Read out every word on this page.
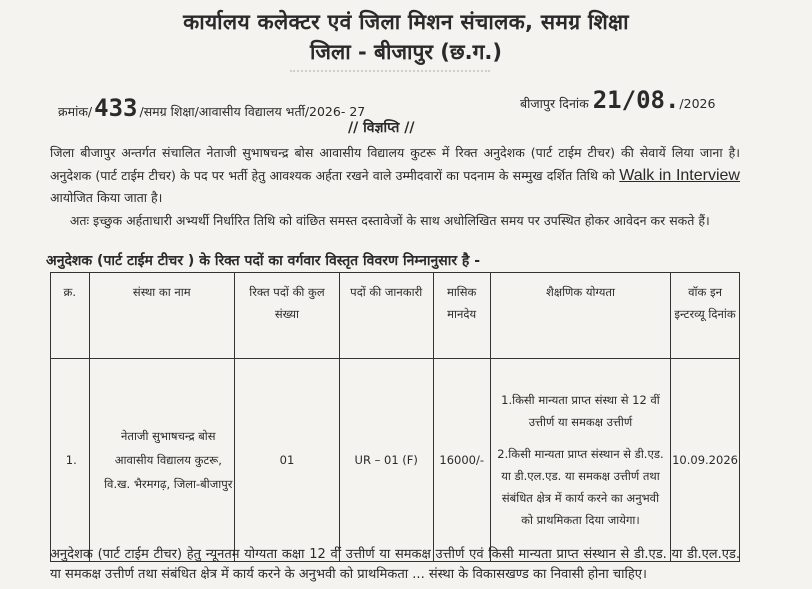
कार्यालय कलेक्टर एवं जिला मिशन संचालक, समग्र शिक्षा
जिला - बीजापुर (छ.ग.)
क्रमांक/433 /समग्र शिक्षा/आवासीय विद्यालय भर्ती/2026- 27
बीजापुर दिनांक 21/08./2026
// विज्ञप्ति //
जिला बीजापुर अन्तर्गत संचालित नेताजी सुभाषचन्द्र बोस आवासीय विद्यालय कुटरू में रिक्त अनुदेशक (पार्ट टाईम टीचर) की सेवायें लिया जाना है। अनुदेशक (पार्ट टाईम टीचर) के पद पर भर्ती हेतु आवश्यक अर्हता रखने वाले उम्मीदवारों का पदनाम के सम्मुख दर्शित तिथि को Walk in Interview आयोजित किया जाता है।
अतः इच्छुक अर्हताधारी अभ्यर्थी निर्धारित तिथि को वांछित समस्त दस्तावेजों के साथ अधोलिखित समय पर उपस्थित होकर आवेदन कर सकते हैं।
अनुदेशक (पार्ट टाईम टीचर ) के रिक्त पदों का वर्गवार विस्तृत विवरण निम्नानुसार है -
क्र.	संस्था का नाम	रिक्त पदों की कुल संख्या	पदों की जानकारी	मासिक मानदेय	शैक्षणिक योग्यता	वॉक इन इन्टरव्यू दिनांक
1.	नेताजी सुभाषचन्द्र बोस आवासीय विद्यालय कुटरू, वि.ख. भैरमगढ़, जिला-बीजापुर	01	UR – 01 (F)	16000/-	1.किसी मान्यता प्राप्त संस्था से 12 वीं उत्तीर्ण या समकक्ष उत्तीर्ण
2.किसी मान्यता प्राप्त संस्थान से डी.एड. या डी.एल.एड. या समकक्ष उत्तीर्ण तथा संबंधित क्षेत्र में कार्य करने का अनुभवी को प्राथमिकता दिया जायेगा।	10.09.2026
अनुदेशक (पार्ट टाईम टीचर) हेतु न्यूनतम योग्यता कक्षा 12 वीं उत्तीर्ण या समकक्ष उत्तीर्ण एवं किसी मान्यता प्राप्त संस्थान से डी.एड. या डी.एल.एड. या समकक्ष उत्तीर्ण तथा संबंधित क्षेत्र में कार्य करने के अनुभवी को प्राथमिकता ... संस्था के विकासखण्ड का निवासी होना चाहिए।
